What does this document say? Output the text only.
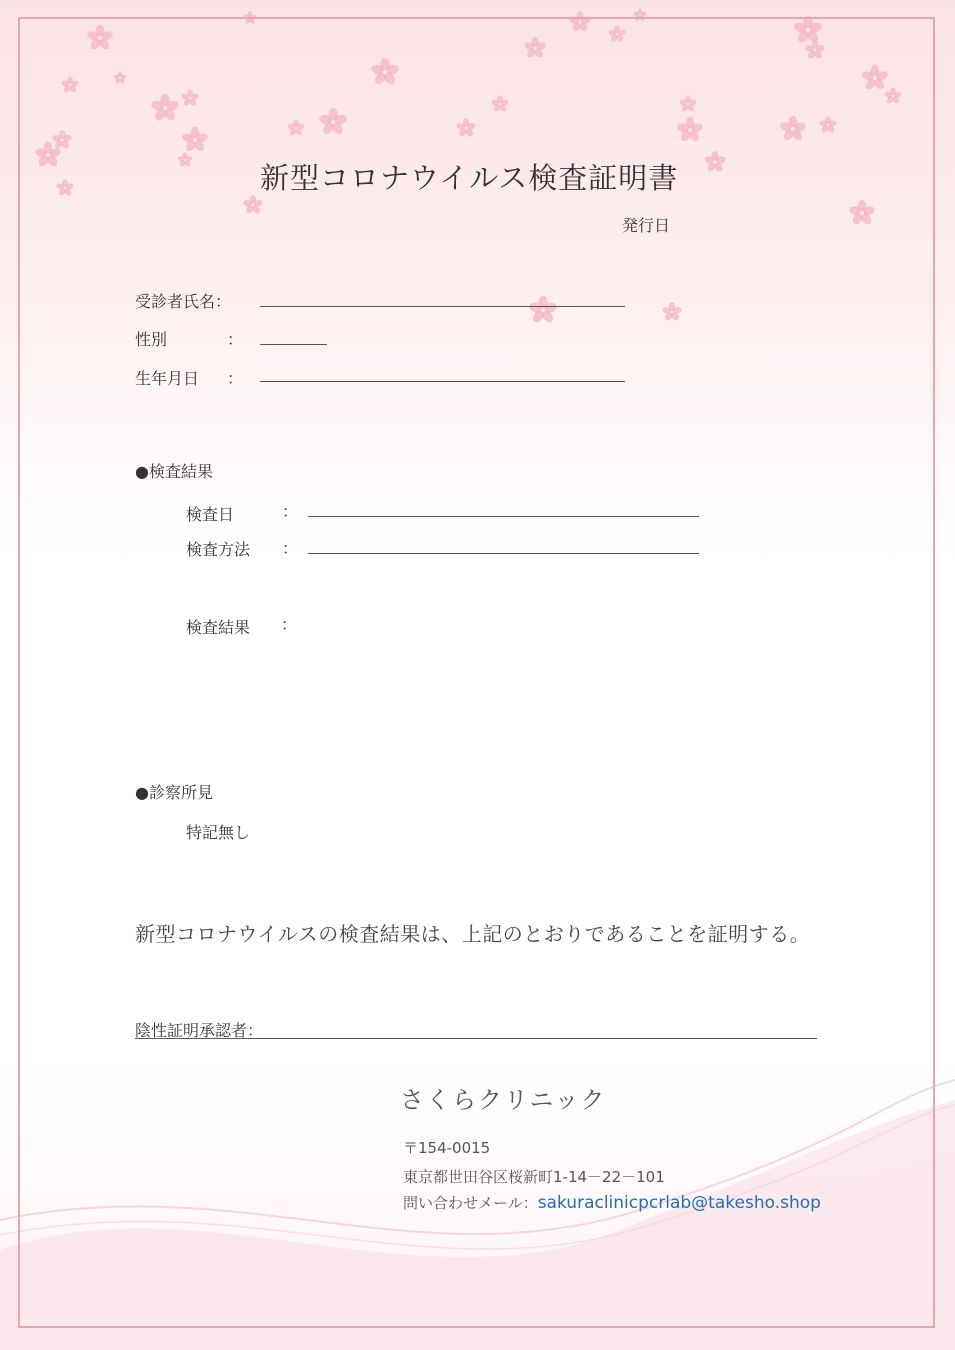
新型コロナウイルス検査証明書
発行日
受診者氏名：
性別	：
生年月日 ：
●検査結果
検査日	：
検査方法 ：
検査結果 ：
●診察所見
特記無し
新型コロナウイルスの検査結果は、上記のとおりであることを証明する。
陰性証明承認者：
さくらクリニック
〒154-0015
東京都世田谷区桜新町1-14－22－101
問い合わせメール：sakuraclinicpcrlab@takesho.shop
